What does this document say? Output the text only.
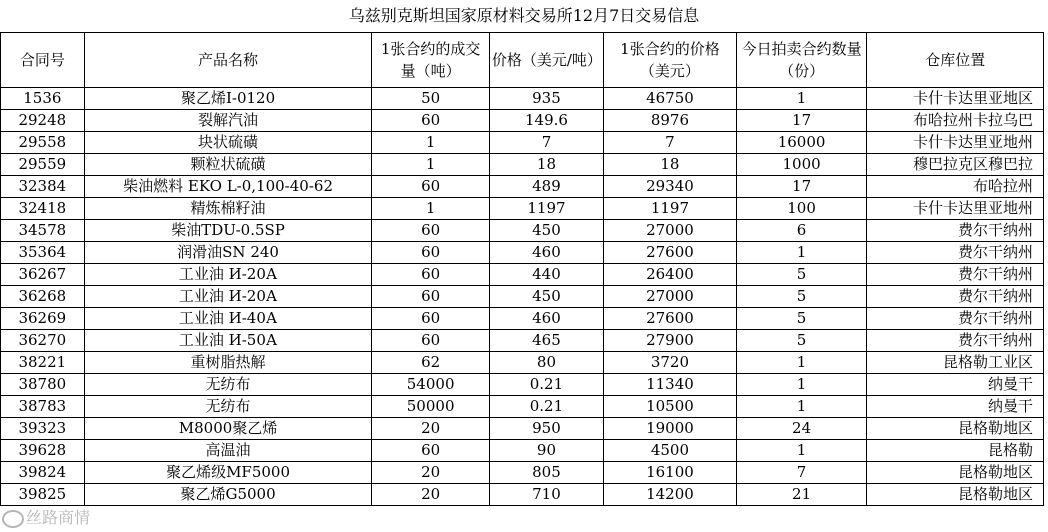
乌兹别克斯坦国家原材料交易所12月7日交易信息
合同号	产品名称	1张合约的成交量（吨）	价格（美元/吨）	1张合约的价格（美元）	今日拍卖合约数量（份）	仓库位置
1536	聚乙烯I-0120	50	935	46750	1	卡什卡达里亚地区
29248	裂解汽油	60	149.6	8976	17	布哈拉州卡拉乌巴
29558	块状硫磺	1	7	7	16000	卡什卡达里亚地州
29559	颗粒状硫磺	1	18	18	1000	穆巴拉克区穆巴拉
32384	柴油燃料 EKO L-0,100-40-62	60	489	29340	17	布哈拉州
32418	精炼棉籽油	1	1197	1197	100	卡什卡达里亚地州
34578	柴油TDU-0.5SP	60	450	27000	6	费尔干纳州
35364	润滑油SN 240	60	460	27600	1	费尔干纳州
36267	工业油 И-20А	60	440	26400	5	费尔干纳州
36268	工业油 И-20А	60	450	27000	5	费尔干纳州
36269	工业油 И-40А	60	460	27600	5	费尔干纳州
36270	工业油 И-50А	60	465	27900	5	费尔干纳州
38221	重树脂热解	62	80	3720	1	昆格勒工业区
38780	无纺布	54000	0.21	11340	1	纳曼干
38783	无纺布	50000	0.21	10500	1	纳曼干
39323	M8000聚乙烯	20	950	19000	24	昆格勒地区
39628	高温油	60	90	4500	1	昆格勒
39824	聚乙烯级MF5000	20	805	16100	7	昆格勒地区
39825	聚乙烯G5000	20	710	14200	21	昆格勒地区
丝路商情
